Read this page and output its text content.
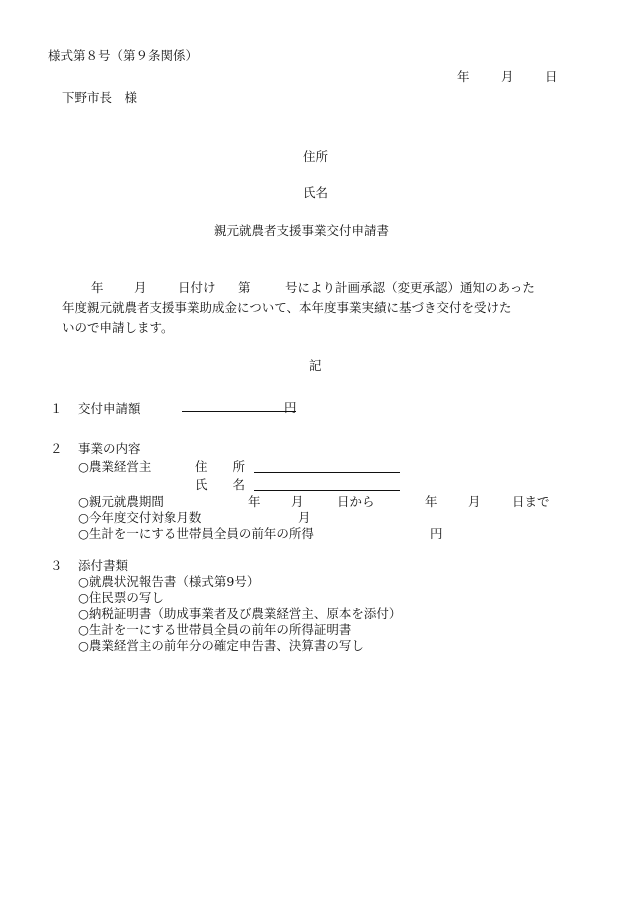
様式第８号（第９条関係）
年	月	日
下野市長　様
住所
氏名
親元就農者支援事業交付申請書
年 月	日付け 第	号により計画承認（変更承認）通知のあった
年度親元就農者支援事業助成金について、本年度事業実績に基づき交付を受けた
いので申請します。
記
１ 交付申請額	円
２ 事業の内容
○農業経営主	住　　所
氏　　名
○親元就農期間	年 月	日から	年 月	日まで
○今年度交付対象月数	月
○生計を一にする世帯員全員の前年の所得	円
３ 添付書類
○就農状況報告書（様式第9号）
○住民票の写し
○納税証明書（助成事業者及び農業経営主、原本を添付）
○生計を一にする世帯員全員の前年の所得証明書
○農業経営主の前年分の確定申告書、決算書の写し
